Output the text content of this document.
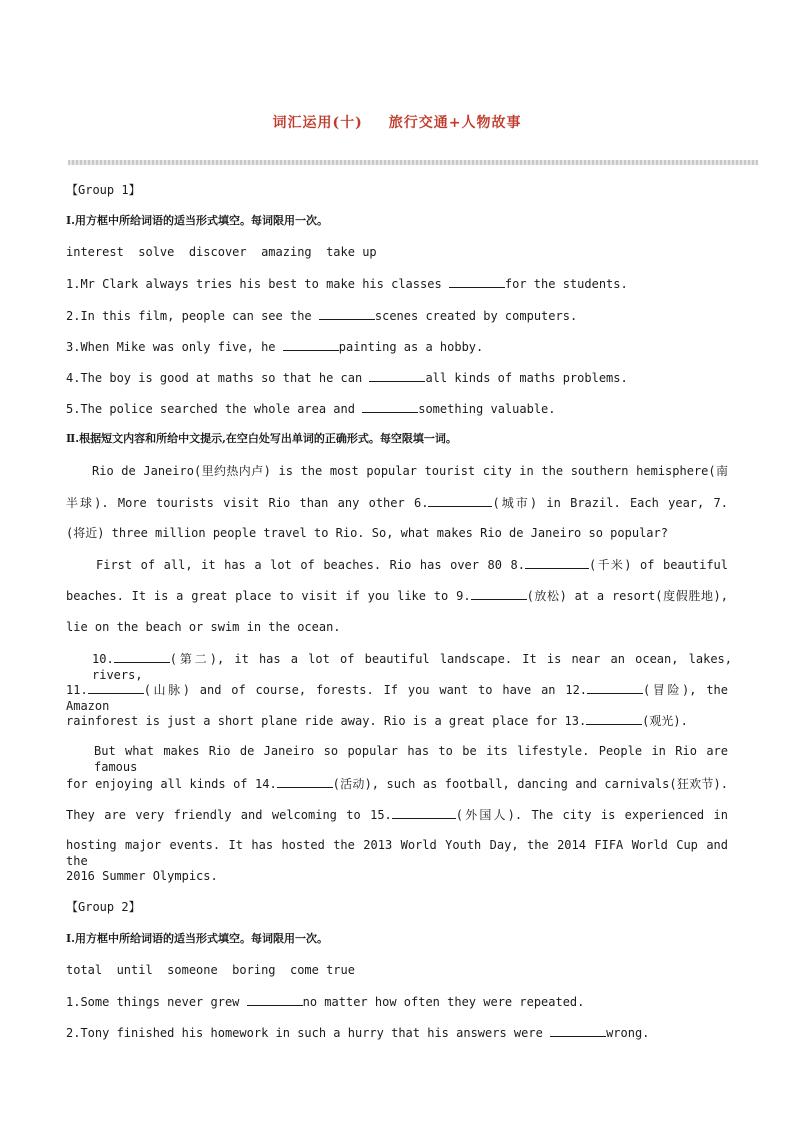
词汇运用(十) 旅行交通+人物故事
【Group 1】
Ⅰ.用方框中所给词语的适当形式填空。每词限用一次。
interest  solve  discover  amazing  take up
1.Mr Clark always tries his best to make his classes	for the students.
2.In this film, people can see the	scenes created by computers.
3.When Mike was only five, he	painting as a hobby.
4.The boy is good at maths so that he can	all kinds of maths problems.
5.The police searched the whole area and	something valuable.
Ⅱ.根据短文内容和所给中文提示,在空白处写出单词的正确形式。每空限填一词。
Rio de Janeiro(里约热内卢) is the most popular tourist city in the southern hemisphere(南
半球). More tourists visit Rio than any other 6.	(城市) in Brazil. Each year, 7.
(将近) three million people travel to Rio. So, what makes Rio de Janeiro so popular?
First of all, it has a lot of beaches. Rio has over 80 8.	(千米) of beautiful
beaches. It is a great place to visit if you like to 9.	(放松) at a resort(度假胜地),
lie on the beach or swim in the ocean.
10.	(第二), it has a lot of beautiful landscape. It is near an ocean, lakes, rivers,
11.	(山脉) and of course, forests. If you want to have an 12.	(冒险), the Amazon
rainforest is just a short plane ride away. Rio is a great place for 13.	(观光).
But what makes Rio de Janeiro so popular has to be its lifestyle. People in Rio are famous
for enjoying all kinds of 14.	(活动), such as football, dancing and carnivals(狂欢节).
They are very friendly and welcoming to 15.	(外国人). The city is experienced in
hosting major events. It has hosted the 2013 World Youth Day, the 2014 FIFA World Cup and the
2016 Summer Olympics.
【Group 2】
Ⅰ.用方框中所给词语的适当形式填空。每词限用一次。
total  until  someone  boring  come true
1.Some things never grew	no matter how often they were repeated.
2.Tony finished his homework in such a hurry that his answers were	wrong.
